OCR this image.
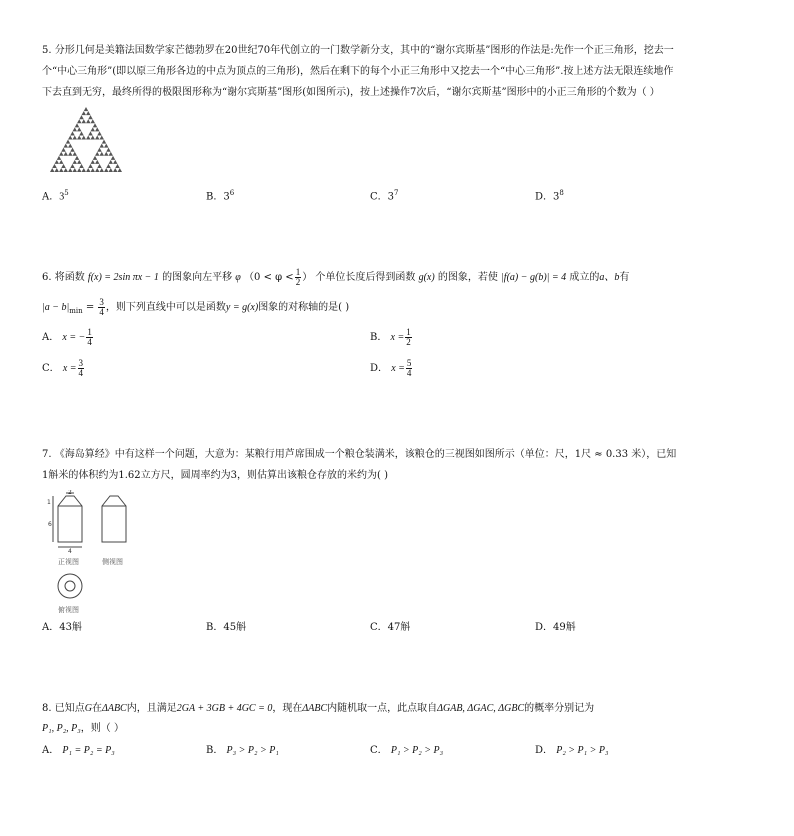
5. 分形几何是美籍法国数学家芒德勃罗在20世纪70年代创立的一门数学新分支，其中的“谢尔宾斯基”图形的作法是:先作一个正三角形，挖去一
个“中心三角形”(即以原三角形各边的中点为顶点的三角形)，然后在剩下的每个小正三角形中又挖去一个“中心三角形”.按上述方法无限连续地作
下去直到无穷，最终所得的极限图形称为“谢尔宾斯基”图形(如图所示)，按上述操作7次后，“谢尔宾斯基”图形中的小正三角形的个数为（ ）
A．$3^5$	B．$3^6$	C．$3^7$	D．$3^8$
6. 将函数 f(x) = 2sin πx − 1 的图象向左平移 φ （$0 < \varphi < \frac{1}{2}$ ） 个单位长度后得到函数 g(x) 的图象，若使 |f(a) − g(b)| = 4 成立的a、b有
$|a - b|_{min} = \frac{3}{4}$ ，则下列直线中可以是函数y = g(x)图象的对称轴的是( )
A． x = − $\frac{1}{4}$	B． $x = \frac{1}{2}$
C． $x = \frac{3}{4}$	D． $x = \frac{5}{4}$
7. 《海岛算经》中有这样一个问题，大意为：某粮行用芦席围成一个粮仓装满米，该粮仓的三视图如图所示（单位：尺，1尺 ≈ 0.33 米），已知
1斛米的体积约为1.62立方尺，圆周率约为3，则估算出该粮仓存放的米约为( )
1
2
6
4
正视图	侧视图
俯视图
A．43斛	B．45斛	C．47斛	D．49斛
8. 已知点G在ΔABC内，且满足2GA + 3GB + 4GC = 0，现在ΔABC内随机取一点，此点取自ΔGAB, ΔGAC, ΔGBC的概率分别记为
P₁, P₂, P₃，则（ ）
A． P₁ = P₂ = P₃	B． P₃ > P₂ > P₁	C． P₁ > P₂ > P₃	D． P₂ > P₁ > P₃
